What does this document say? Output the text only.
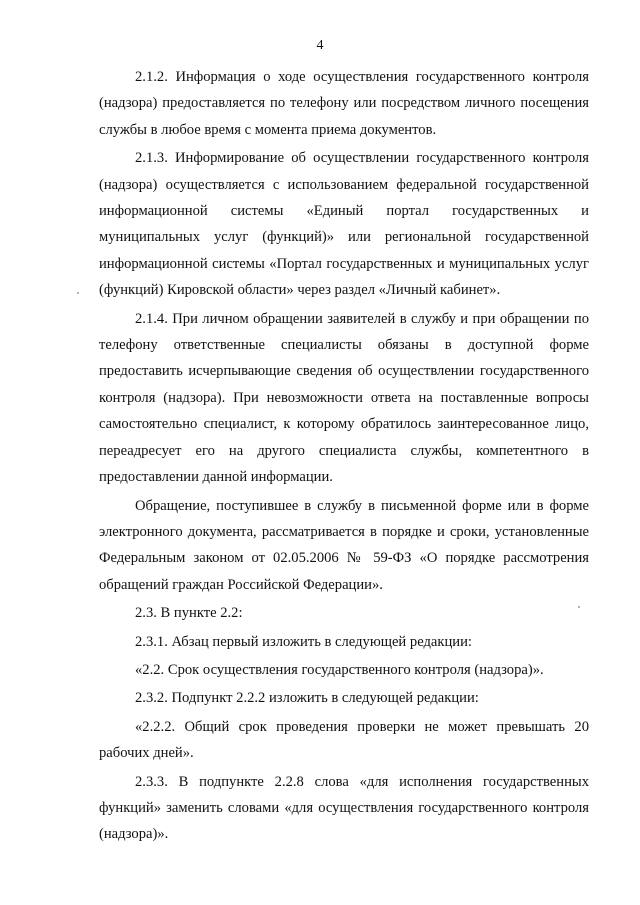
4

2.1.2. Информация о ходе осуществления государственного контроля (надзора) предоставляется по телефону или посредством личного посещения службы в любое время с момента приема документов.

2.1.3. Информирование об осуществлении государственного контроля (надзора) осуществляется с использованием федеральной государственной информационной системы «Единый портал государственных и муниципальных услуг (функций)» или региональной государственной информационной системы «Портал государственных и муниципальных услуг (функций) Кировской области» через раздел «Личный кабинет».

2.1.4. При личном обращении заявителей в службу и при обращении по телефону ответственные специалисты обязаны в доступной форме предоставить исчерпывающие сведения об осуществлении государственного контроля (надзора). При невозможности ответа на поставленные вопросы самостоятельно специалист, к которому обратилось заинтересованное лицо, переадресует его на другого специалиста службы, компетентного в предоставлении данной информации.

Обращение, поступившее в службу в письменной форме или в форме электронного документа, рассматривается в порядке и сроки, установленные Федеральным законом от 02.05.2006 № 59-ФЗ «О порядке рассмотрения обращений граждан Российской Федерации».

2.3. В пункте 2.2:

2.3.1. Абзац первый изложить в следующей редакции:

«2.2. Срок осуществления государственного контроля (надзора)».

2.3.2. Подпункт 2.2.2 изложить в следующей редакции:

«2.2.2. Общий срок проведения проверки не может превышать 20 рабочих дней».

2.3.3. В подпункте 2.2.8 слова «для исполнения государственных функций» заменить словами «для осуществления государственного контроля (надзора)».
